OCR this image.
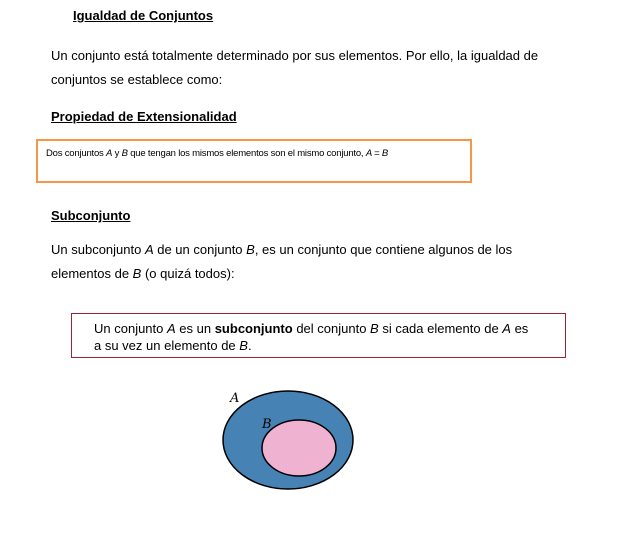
Igualdad de Conjuntos
Un conjunto está totalmente determinado por sus elementos. Por ello, la igualdad de
conjuntos se establece como:
Propiedad de Extensionalidad
Dos conjuntos A y B que tengan los mismos elementos son el mismo conjunto, A = B
Subconjunto
Un subconjunto A de un conjunto B, es un conjunto que contiene algunos de los
elementos de B (o quizá todos):
Un conjunto A es un subconjunto del conjunto B si cada elemento de A es
a su vez un elemento de B.
A
B
